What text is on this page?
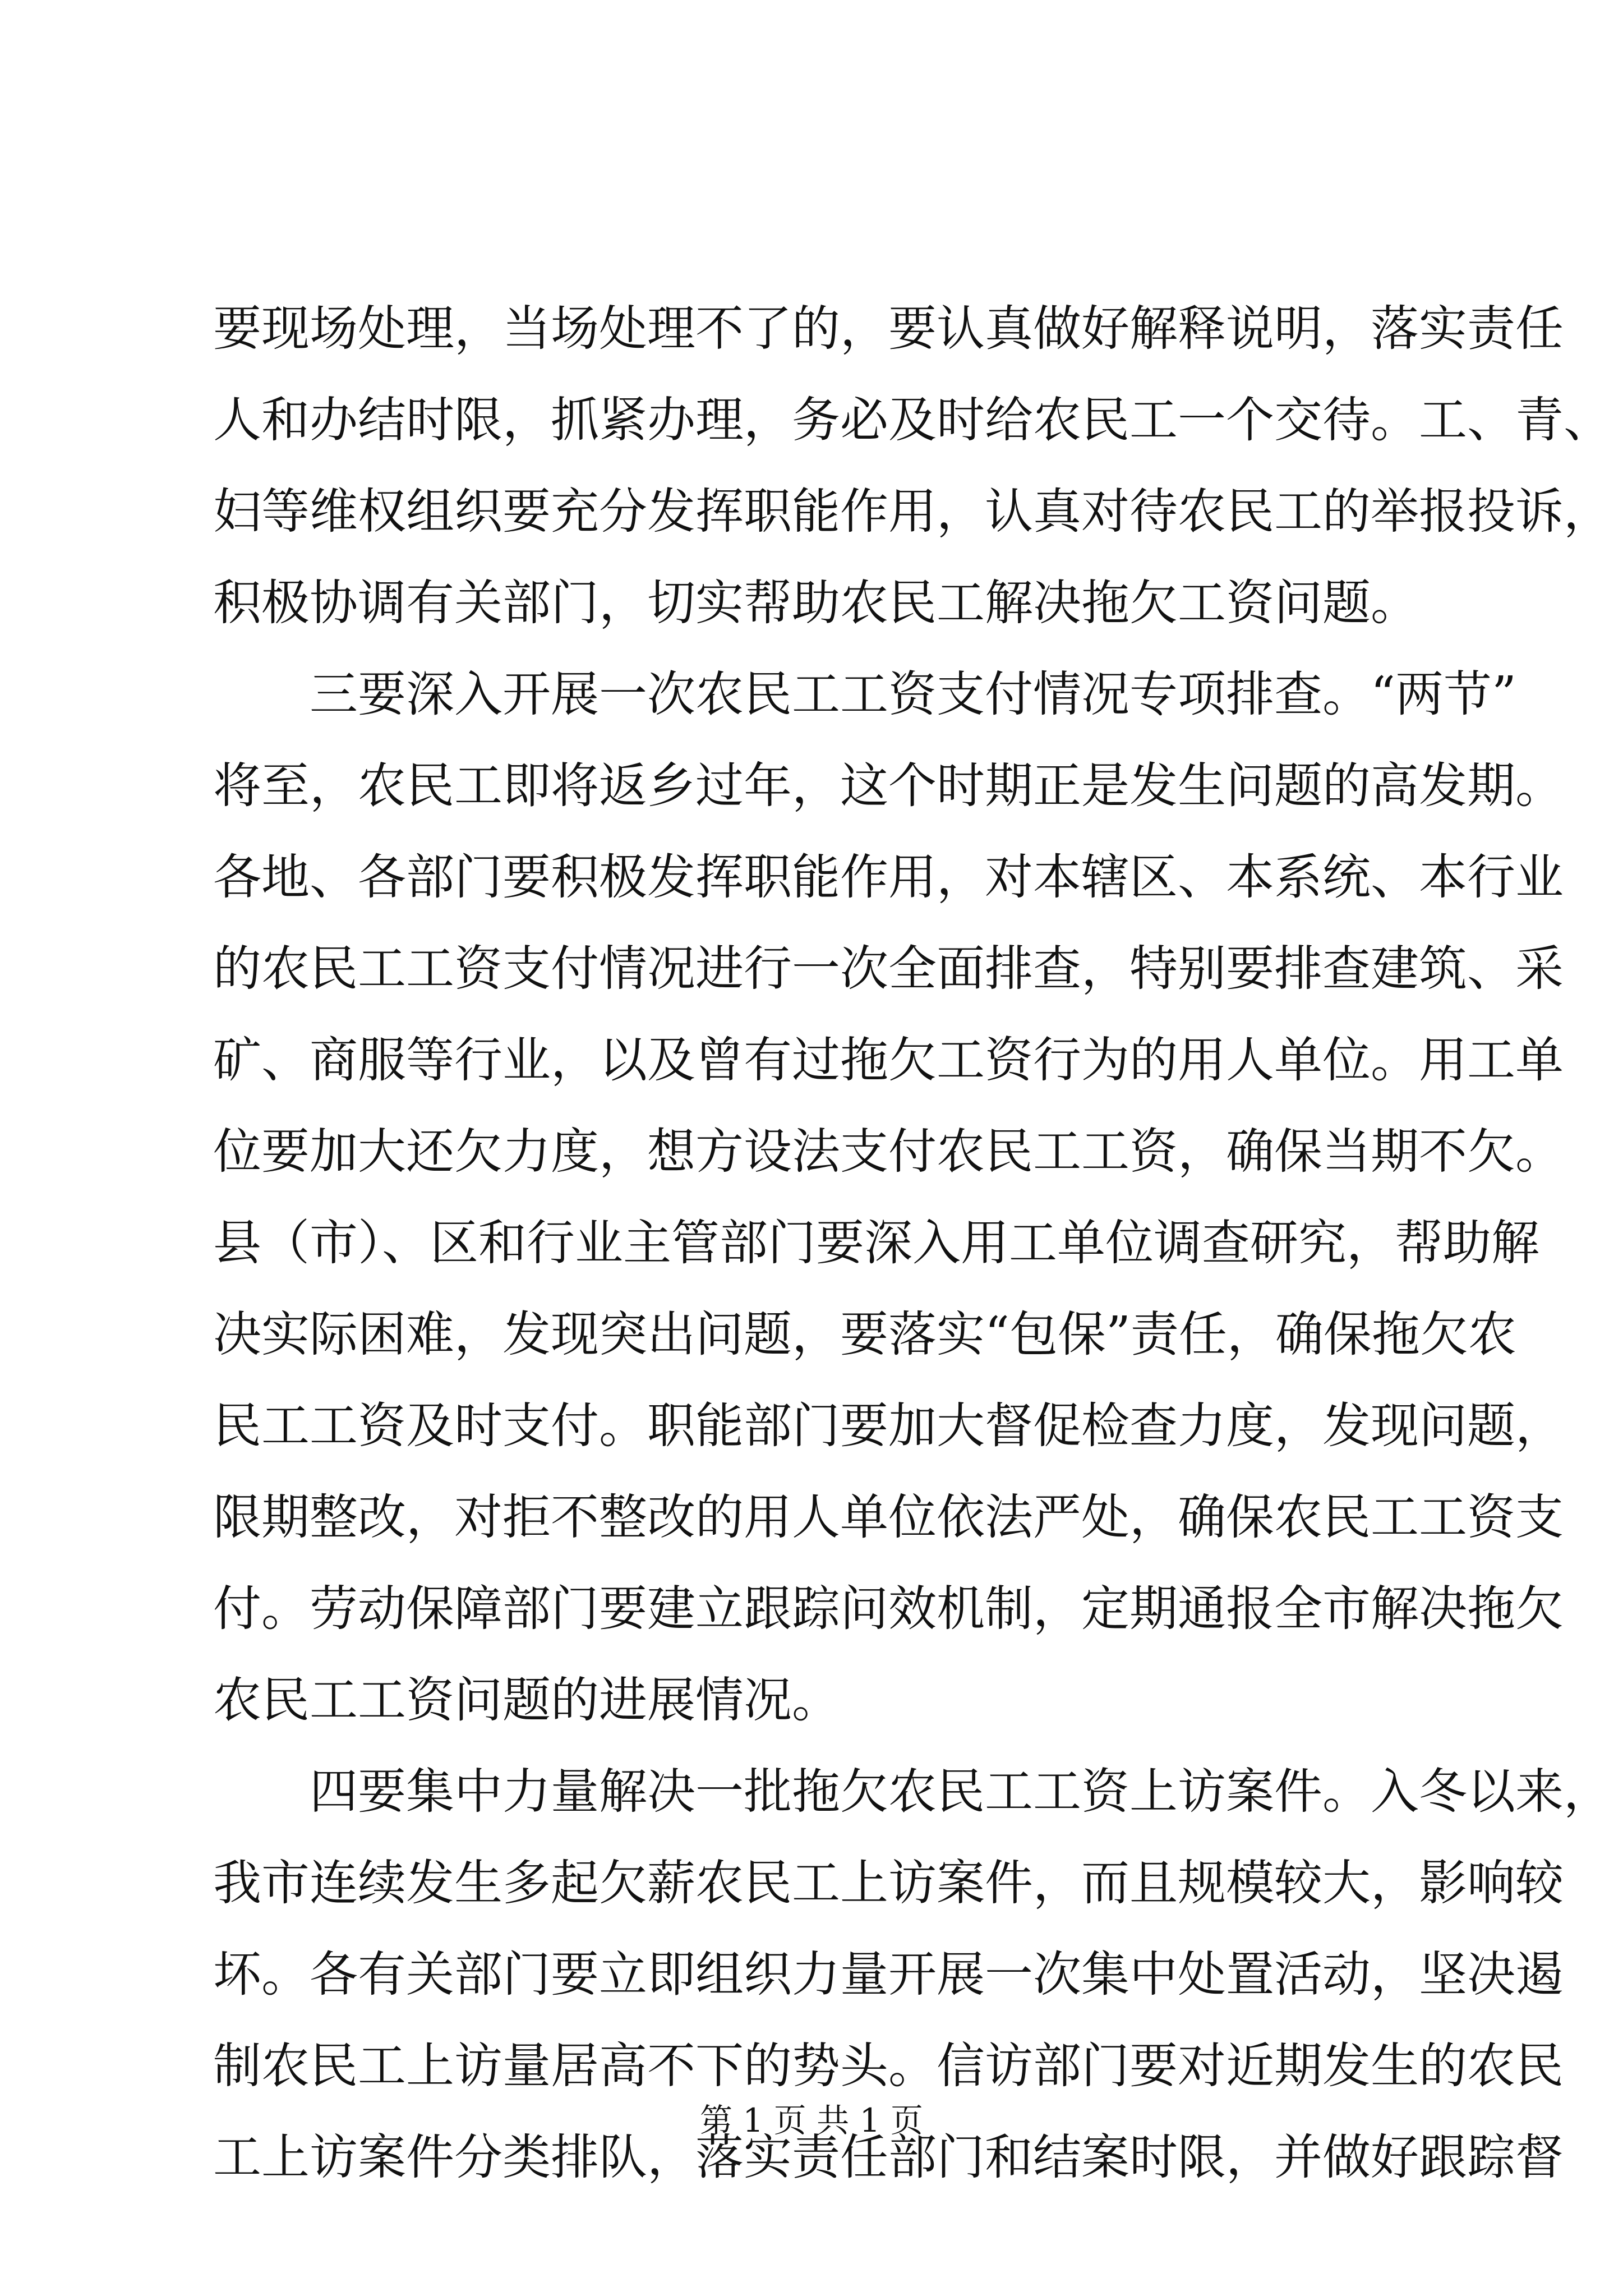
要现场处理，当场处理不了的，要认真做好解释说明，落实责任
人和办结时限，抓紧办理，务必及时给农民工一个交待。工、青、
妇等维权组织要充分发挥职能作用，认真对待农民工的举报投诉，
积极协调有关部门，切实帮助农民工解决拖欠工资问题。
三要深入开展一次农民工工资支付情况专项排查。“两节”
将至，农民工即将返乡过年，这个时期正是发生问题的高发期。
各地、各部门要积极发挥职能作用，对本辖区、本系统、本行业
的农民工工资支付情况进行一次全面排查，特别要排查建筑、采
矿、商服等行业，以及曾有过拖欠工资行为的用人单位。用工单
位要加大还欠力度，想方设法支付农民工工资，确保当期不欠。
县（市）、区和行业主管部门要深入用工单位调查研究，帮助解
决实际困难，发现突出问题，要落实“包保”责任，确保拖欠农
民工工资及时支付。职能部门要加大督促检查力度，发现问题，
限期整改，对拒不整改的用人单位依法严处，确保农民工工资支
付。劳动保障部门要建立跟踪问效机制，定期通报全市解决拖欠
农民工工资问题的进展情况。
四要集中力量解决一批拖欠农民工工资上访案件。入冬以来，
我市连续发生多起欠薪农民工上访案件，而且规模较大，影响较
坏。各有关部门要立即组织力量开展一次集中处置活动，坚决遏
制农民工上访量居高不下的势头。信访部门要对近期发生的农民
工上访案件分类排队，落实责任部门和结案时限，并做好跟踪督
第 1 页 共 1 页
